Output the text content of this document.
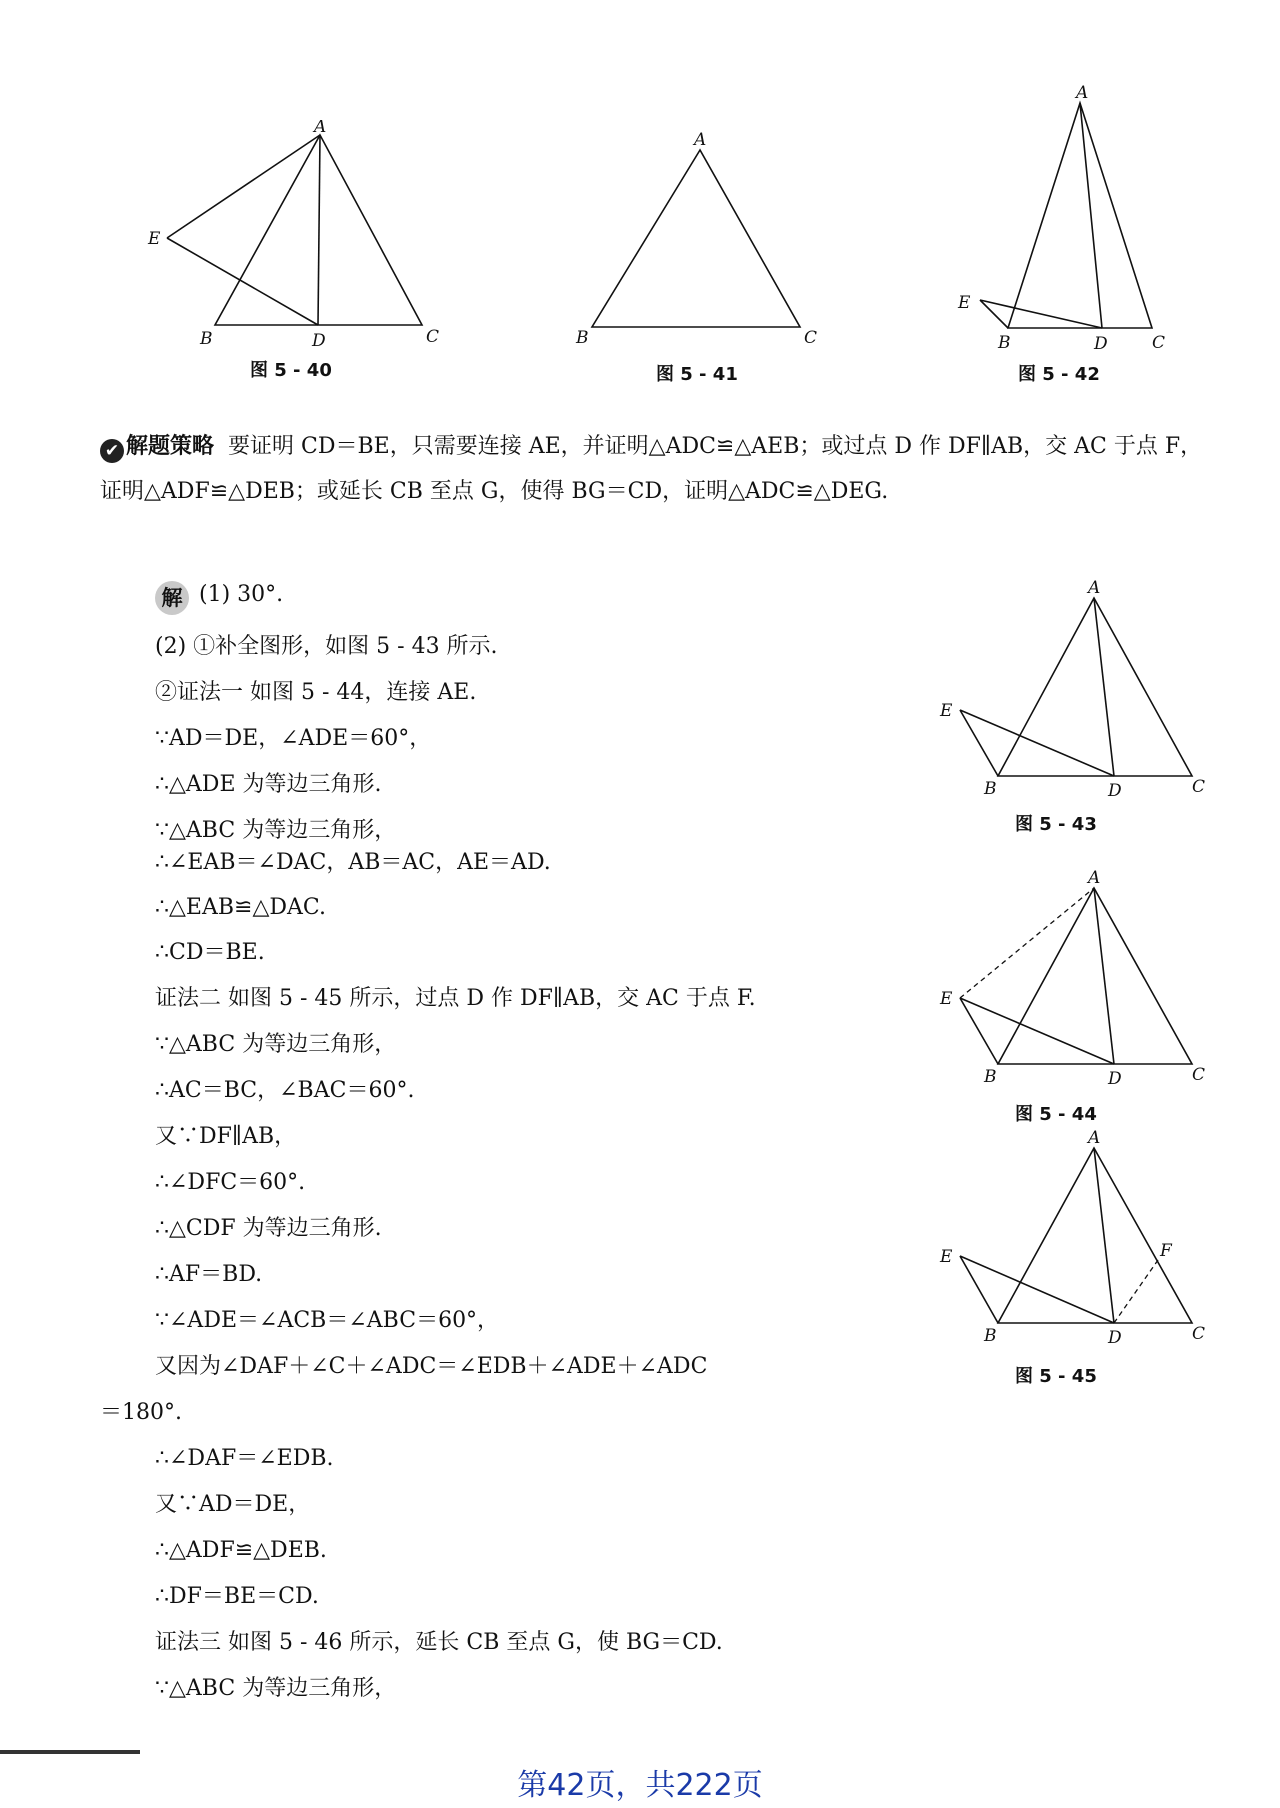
A
E
B	D	C
图 5 - 40
A
B	C
图 5 - 41
A
E
B	D	C
图 5 - 42
✔ 解题策略 要证明 CD＝BE，只需要连接 AE，并证明△ADC≌△AEB；或过点 D 作 DF∥AB，交 AC 于点 F，证明△ADF≌△DEB；或延长 CB 至点 G，使得 BG＝CD，证明△ADC≌△DEG.
解 (1) 30°.
(2) ①补全图形，如图 5 - 43 所示.
②证法一 如图 5 - 44，连接 AE.
∵AD＝DE，∠ADE＝60°，
∴△ADE 为等边三角形.
∵△ABC 为等边三角形，
∴∠EAB＝∠DAC，AB＝AC，AE＝AD.
∴△EAB≌△DAC.
∴CD＝BE.
证法二 如图 5 - 45 所示，过点 D 作 DF∥AB，交 AC 于点 F.
∵△ABC 为等边三角形，
∴AC＝BC，∠BAC＝60°.
又∵DF∥AB，
∴∠DFC＝60°.
∴△CDF 为等边三角形.
∴AF＝BD.
∵∠ADE＝∠ACB＝∠ABC＝60°，
又因为∠DAF＋∠C＋∠ADC＝∠EDB＋∠ADE＋∠ADC
＝180°.
∴∠DAF＝∠EDB.
又∵AD＝DE，
∴△ADF≌△DEB.
∴DF＝BE＝CD.
证法三 如图 5 - 46 所示，延长 CB 至点 G，使 BG＝CD.
∵△ABC 为等边三角形，
A
E
B	D	C
图 5 - 43
A
E
B	D	C
图 5 - 44
A
E	F
B	D	C
图 5 - 45
第42页，共222页
